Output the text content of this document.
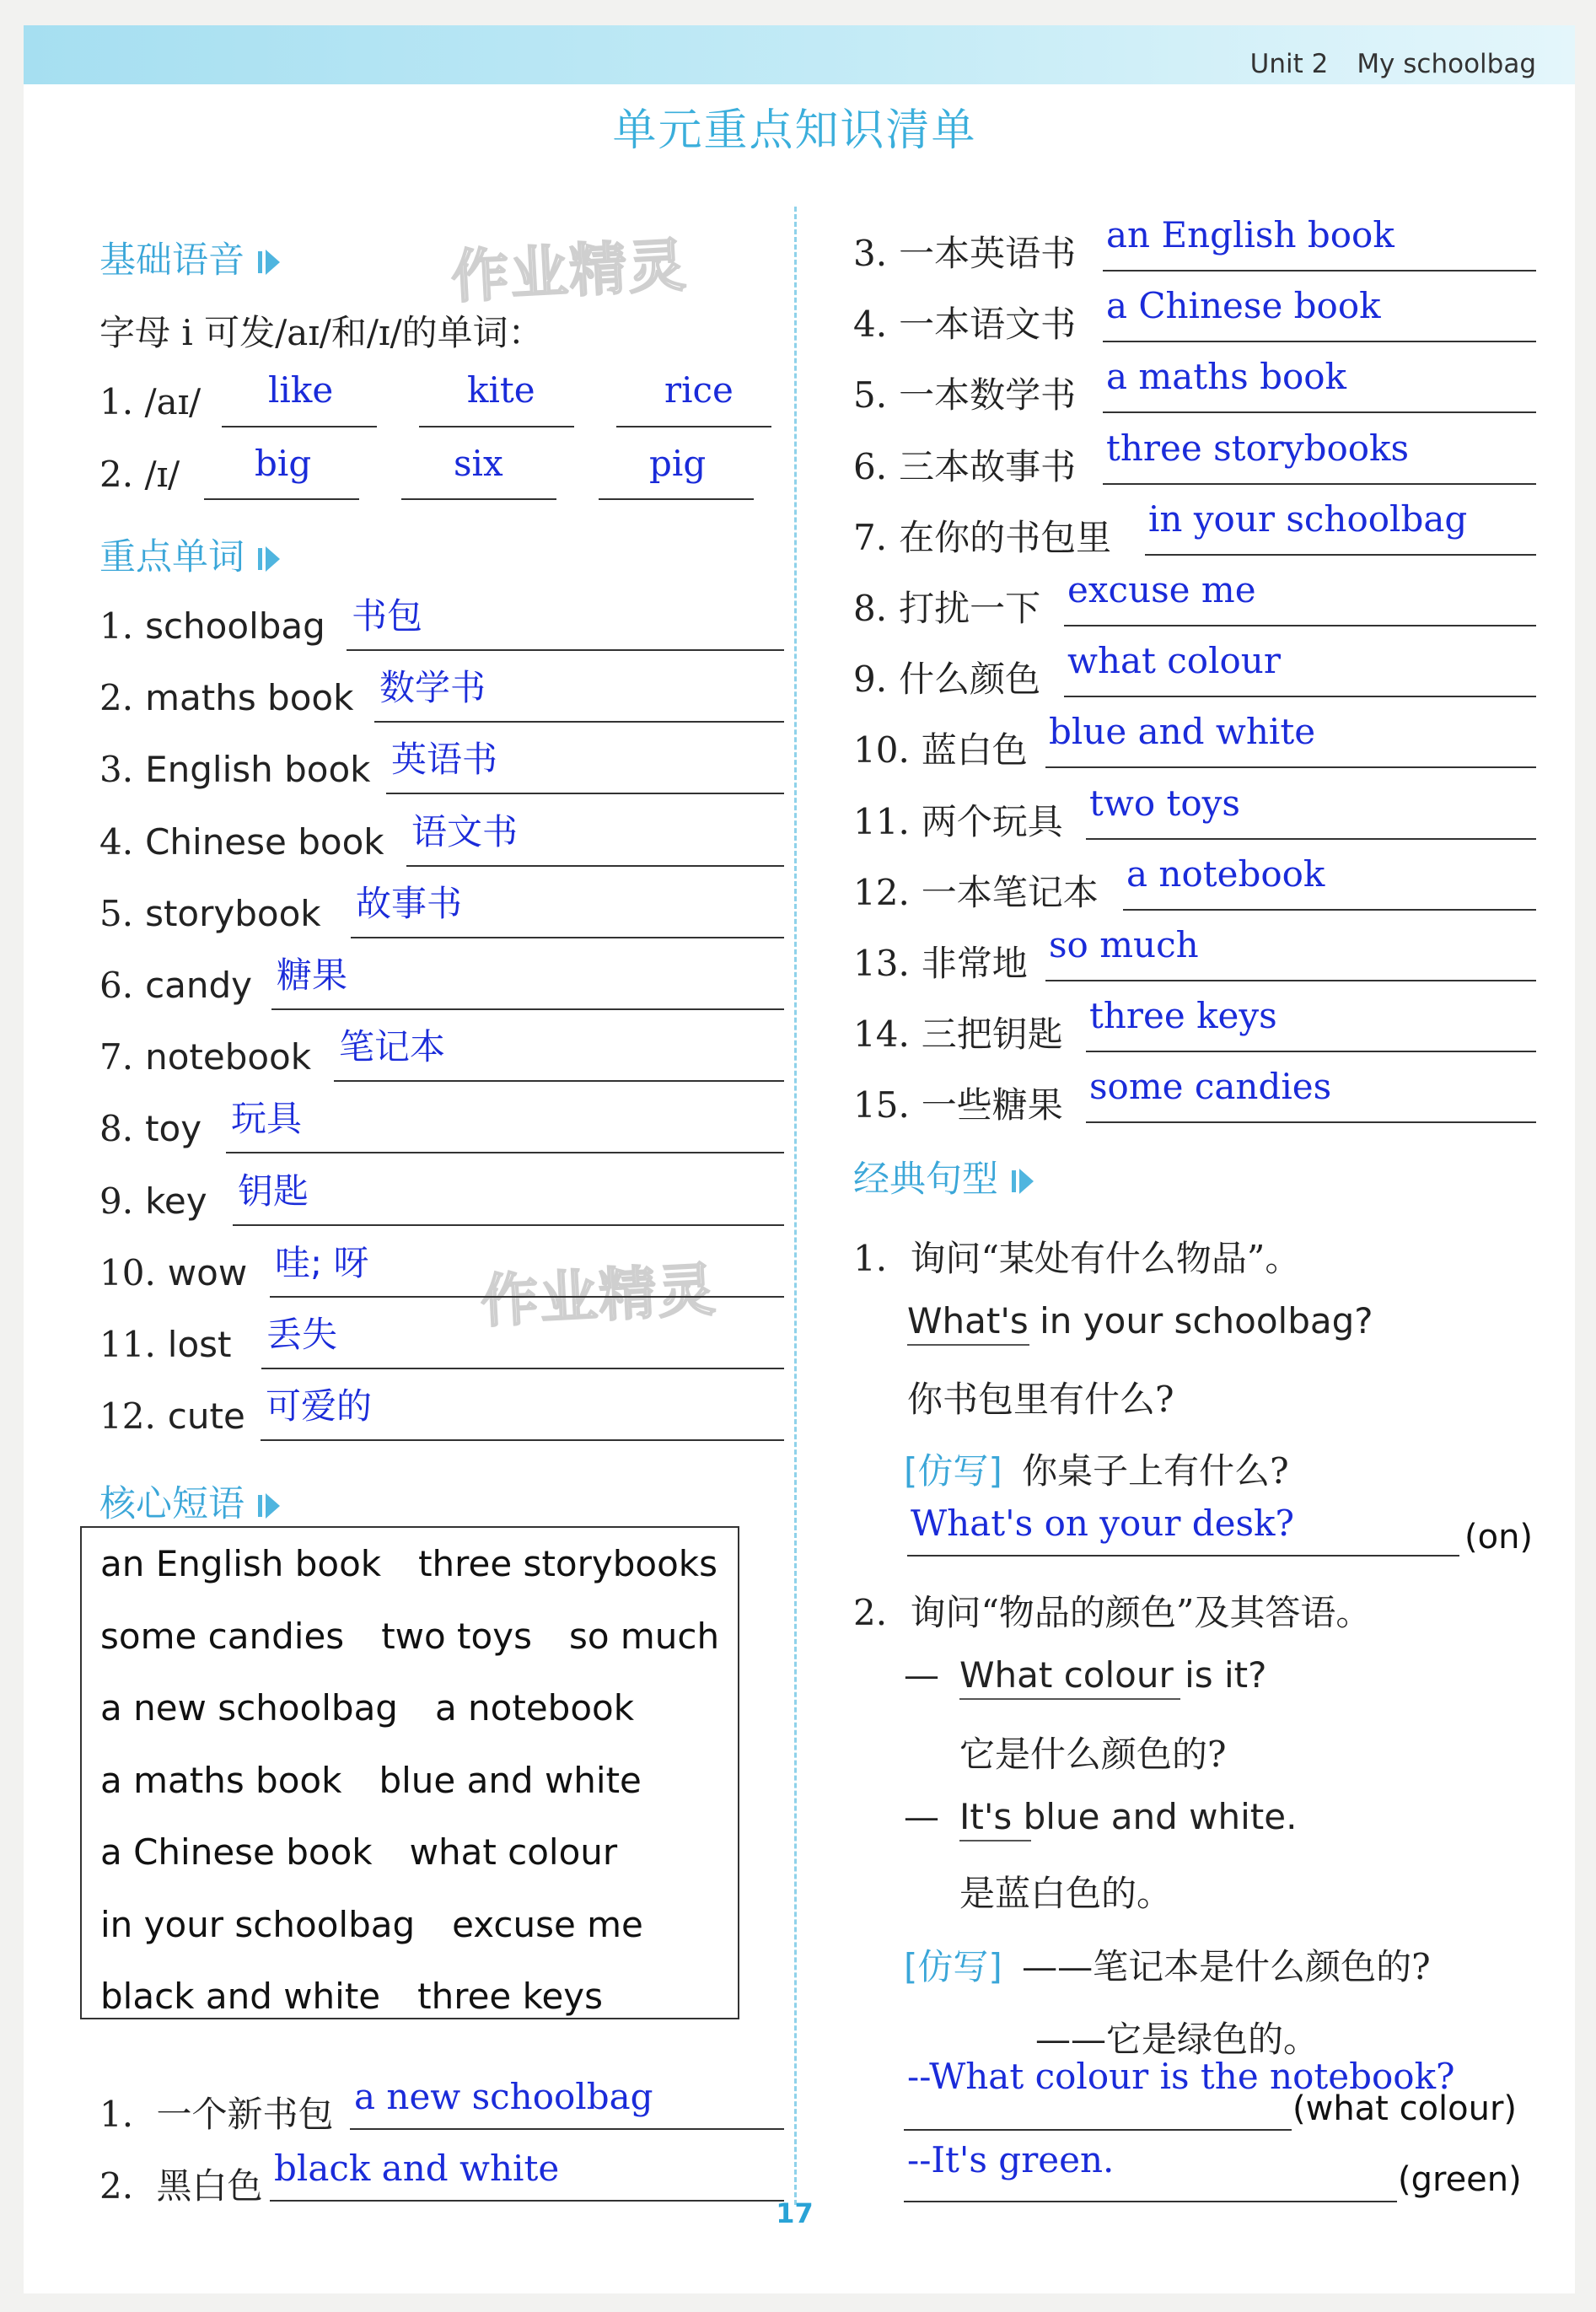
Unit 2 My schoolbag
单元重点知识清单
作业精灵
作业精灵
基础语音
字母 i 可发/aɪ/和/ɪ/的单词：
1. /aɪ/ like	kite	rice
2. /ɪ/ big	six	pig
重点单词
1. schoolbag 书包
2. maths book 数学书
3. English book 英语书
4. Chinese book 语文书
5. storybook 故事书
6. candy 糖果
7. notebook 笔记本
8. toy 玩具
9. key 钥匙
10. wow 哇; 呀
11. lost 丢失
12. cute 可爱的
核心短语
an English book three storybooks
some candies two toys so much
a new schoolbag a notebook
a maths book blue and white
a Chinese book what colour
in your schoolbag excuse me
black and white three keys
1. 一个新书包 a new schoolbag
2. 黑白色 black and white
3. 一本英语书 an English book
4. 一本语文书 a Chinese book
5. 一本数学书 a maths book
6. 三本故事书 three storybooks
7. 在你的书包里 in your schoolbag
8. 打扰一下 excuse me
9. 什么颜色 what colour
10. 蓝白色 blue and white
11. 两个玩具 two toys
12. 一本笔记本 a notebook
13. 非常地 so much
14. 三把钥匙 three keys
15. 一些糖果 some candies
经典句型
1. 询问“某处有什么物品”。
What's in your schoolbag?
你书包里有什么?
[仿写] 你桌子上有什么?
What's on your desk?	(on)
2. 询问“物品的颜色”及其答语。
— What colour is it?
它是什么颜色的?
— It's blue and white.
是蓝白色的。
[仿写] ——笔记本是什么颜色的?
——它是绿色的。
--What colour is the notebook?
(what colour)
--It's green.	(green)
17
